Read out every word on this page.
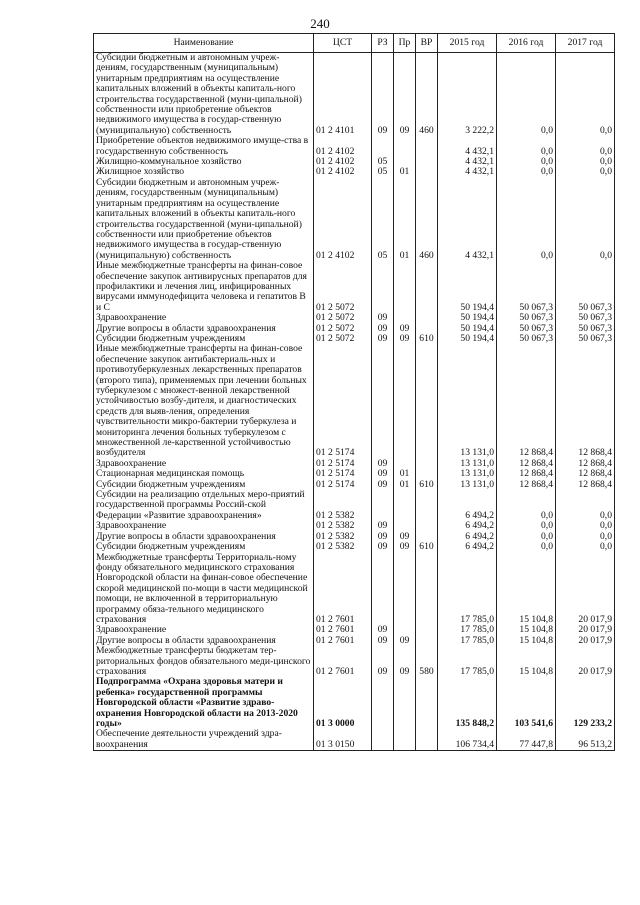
240
Наименование	ЦСТ	РЗ	Пр	ВР	2015 год	2016 год	2017 год
Субсидии бюджетным и автономным учреж-дениям, государственным (муниципальным) унитарным предприятиям на осуществление капитальных вложений в объекты капиталь-ного строительства государственной (муни-ципальной) собственности или приобретение объектов недвижимого имущества в государ-ственную (муниципальную) собственность	01 2 4101	09	09	460	3 222,2	0,0	0,0
Приобретение объектов недвижимого имуще-ства в государственную собственность	01 2 4102				4 432,1	0,0	0,0
Жилищно-коммунальное хозяйство	01 2 4102	05			4 432,1	0,0	0,0
Жилищное хозяйство	01 2 4102	05	01		4 432,1	0,0	0,0
Субсидии бюджетным и автономным учреж-дениям, государственным (муниципальным) унитарным предприятиям на осуществление капитальных вложений в объекты капиталь-ного строительства государственной (муни-ципальной) собственности или приобретение объектов недвижимого имущества в государ-ственную (муниципальную) собственность	01 2 4102	05	01	460	4 432,1	0,0	0,0
Иные межбюджетные трансферты на финан-совое обеспечение закупок антивирусных препаратов для профилактики и лечения лиц, инфицированных вирусами иммунодефицита человека и гепатитов B и C	01 2 5072				50 194,4	50 067,3	50 067,3
Здравоохранение	01 2 5072	09			50 194,4	50 067,3	50 067,3
Другие вопросы в области здравоохранения	01 2 5072	09	09		50 194,4	50 067,3	50 067,3
Субсидии бюджетным учреждениям	01 2 5072	09	09	610	50 194,4	50 067,3	50 067,3
Иные межбюджетные трансферты на финан-совое обеспечение закупок антибактериаль-ных и противотуберкулезных лекарственных препаратов (второго типа), применяемых при лечении больных туберкулезом с множест-венной лекарственной устойчивостью возбу-дителя, и диагностических средств для выяв-ления, определения чувствительности микро-бактерии туберкулеза и мониторинга лечения больных туберкулезом с множественной ле-карственной устойчивостью возбудителя	01 2 5174				13 131,0	12 868,4	12 868,4
Здравоохранение	01 2 5174	09			13 131,0	12 868,4	12 868,4
Стационарная медицинская помощь	01 2 5174	09	01		13 131,0	12 868,4	12 868,4
Субсидии бюджетным учреждениям	01 2 5174	09	01	610	13 131,0	12 868,4	12 868,4
Субсидии на реализацию отдельных меро-приятий государственной программы Россий-ской Федерации «Развитие здравоохранения»	01 2 5382				6 494,2	0,0	0,0
Здравоохранение	01 2 5382	09			6 494,2	0,0	0,0
Другие вопросы в области здравоохранения	01 2 5382	09	09		6 494,2	0,0	0,0
Субсидии бюджетным учреждениям	01 2 5382	09	09	610	6 494,2	0,0	0,0
Межбюджетные трансферты Территориаль-ному фонду обязательного медицинского страхования Новгородской области на финан-совое обеспечение скорой медицинской по-мощи в части медицинской помощи, не включенной в территориальную программу обяза-тельного медицинского страхования	01 2 7601				17 785,0	15 104,8	20 017,9
Здравоохранение	01 2 7601	09			17 785,0	15 104,8	20 017,9
Другие вопросы в области здравоохранения	01 2 7601	09	09		17 785,0	15 104,8	20 017,9
Межбюджетные трансферты бюджетам тер-риториальных фондов обязательного меди-цинского страхования	01 2 7601	09	09	580	17 785,0	15 104,8	20 017,9
Подпрограмма «Охрана здоровья матери и ребенка» государственной программы Новгородской области «Развитие здраво-охранения Новгородской области на 2013-2020 годы»	01 3 0000				135 848,2	103 541,6	129 233,2
Обеспечение деятельности учреждений здра-воохранения	01 3 0150				106 734,4	77 447,8	96 513,2
